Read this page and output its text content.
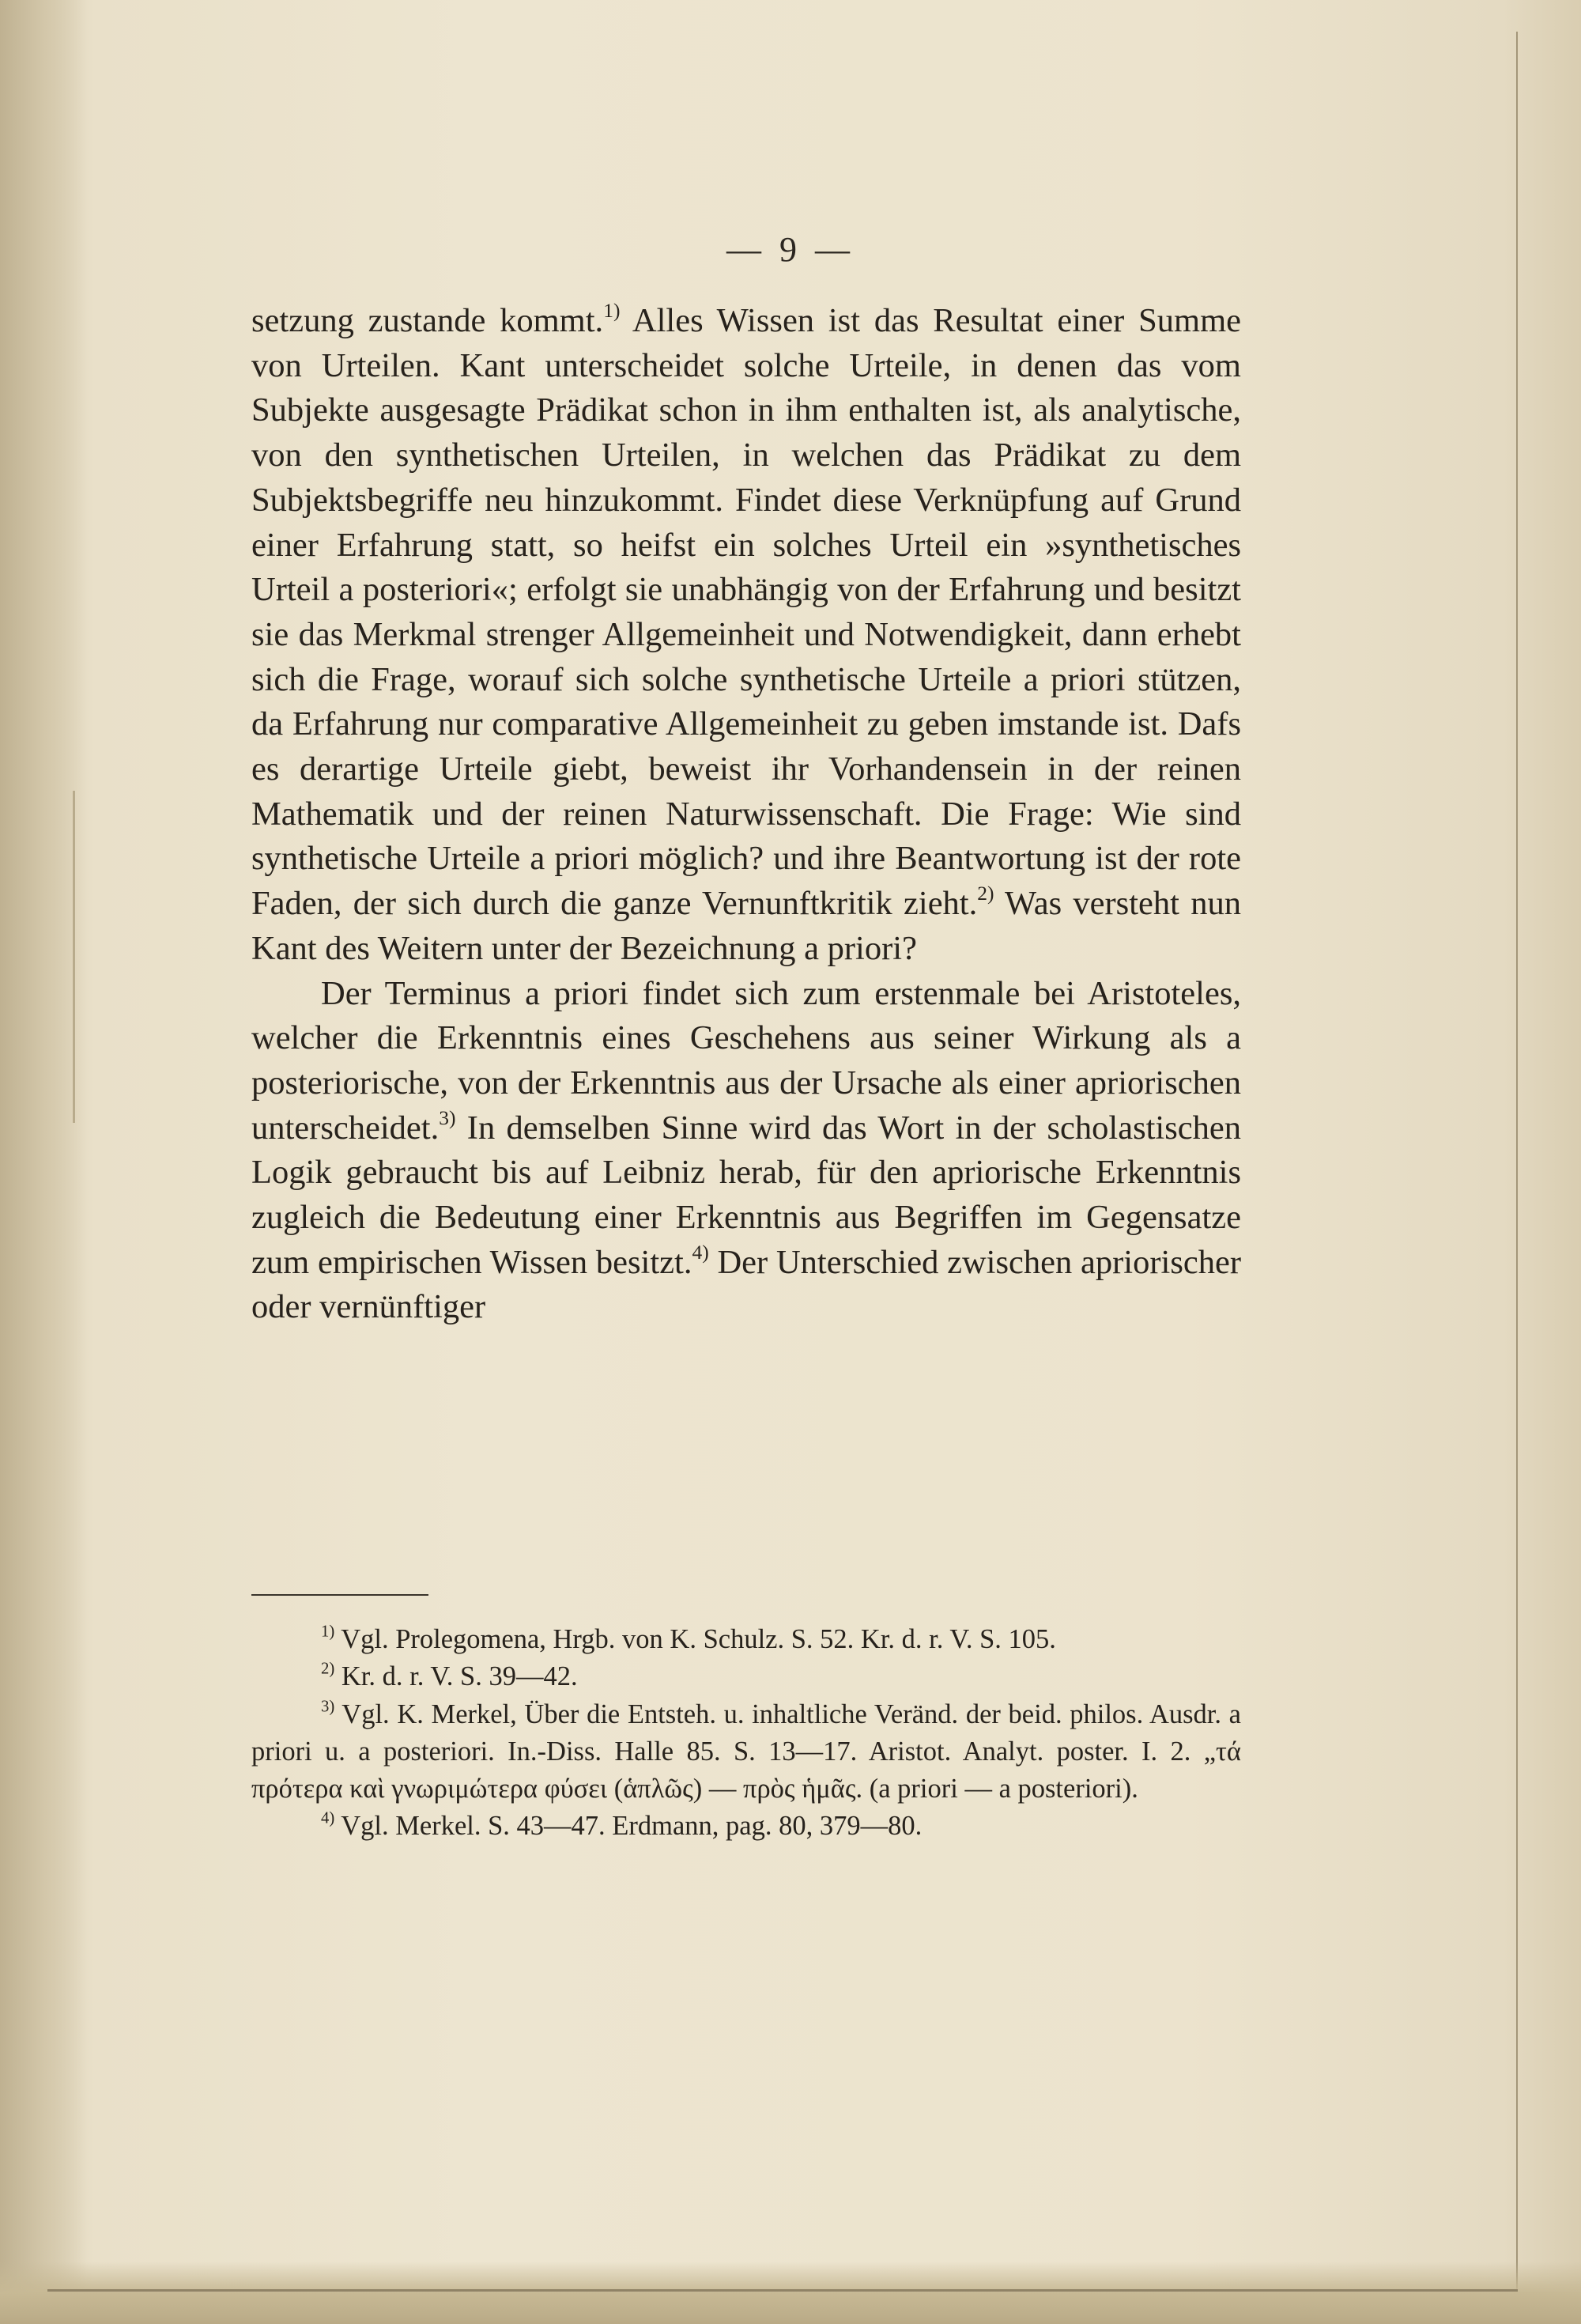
— 9 —

setzung zustande kommt.$^{1)}$ Alles Wissen ist das Resultat einer Summe von Urteilen. Kant unterscheidet solche Urteile, in denen das vom Subjekte ausgesagte Prädikat schon in ihm enthalten ist, als analytische, von den synthetischen Urteilen, in welchen das Prädikat zu dem Subjektsbegriffe neu hinzukommt. Findet diese Verknüpfung auf Grund einer Erfahrung statt, so heifst ein solches Urteil ein »synthetisches Urteil a posteriori«; erfolgt sie unabhängig von der Erfahrung und besitzt sie das Merkmal strenger Allgemeinheit und Notwendigkeit, dann erhebt sich die Frage, worauf sich solche synthetische Urteile a priori stützen, da Erfahrung nur comparative Allgemeinheit zu geben imstande ist. Dafs es derartige Urteile giebt, beweist ihr Vorhandensein in der reinen Mathematik und der reinen Naturwissenschaft. Die Frage: Wie sind synthetische Urteile a priori möglich? und ihre Beantwortung ist der rote Faden, der sich durch die ganze Vernunftkritik zieht.$^{2)}$ Was versteht nun Kant des Weitern unter der Bezeichnung a priori?

Der Terminus a priori findet sich zum erstenmale bei Aristoteles, welcher die Erkenntnis eines Geschehens aus seiner Wirkung als a posteriorische, von der Erkenntnis aus der Ursache als einer apriorischen unterscheidet.$^{3)}$ In demselben Sinne wird das Wort in der scholastischen Logik gebraucht bis auf Leibniz herab, für den apriorische Erkenntnis zugleich die Bedeutung einer Erkenntnis aus Begriffen im Gegensatze zum empirischen Wissen besitzt.$^{4)}$ Der Unterschied zwischen apriorischer oder vernünftiger

$^{1)}$ Vgl. Prolegomena, Hrgb. von K. Schulz. S. 52. Kr. d. r. V. S. 105.

$^{2)}$ Kr. d. r. V. S. 39—42.

$^{3)}$ Vgl. K. Merkel, Über die Entsteh. u. inhaltliche Veränd. der beid. philos. Ausdr. a priori u. a posteriori. In.-Diss. Halle 85. S. 13—17. Aristot. Analyt. poster. I. 2. „τά πρότερα καὶ γνωριμώτερα φύσει (ἁπλῶς) — πρὸς ἡμᾶς. (a priori — a posteriori).

$^{4)}$ Vgl. Merkel. S. 43—47. Erdmann, pag. 80, 379—80.
